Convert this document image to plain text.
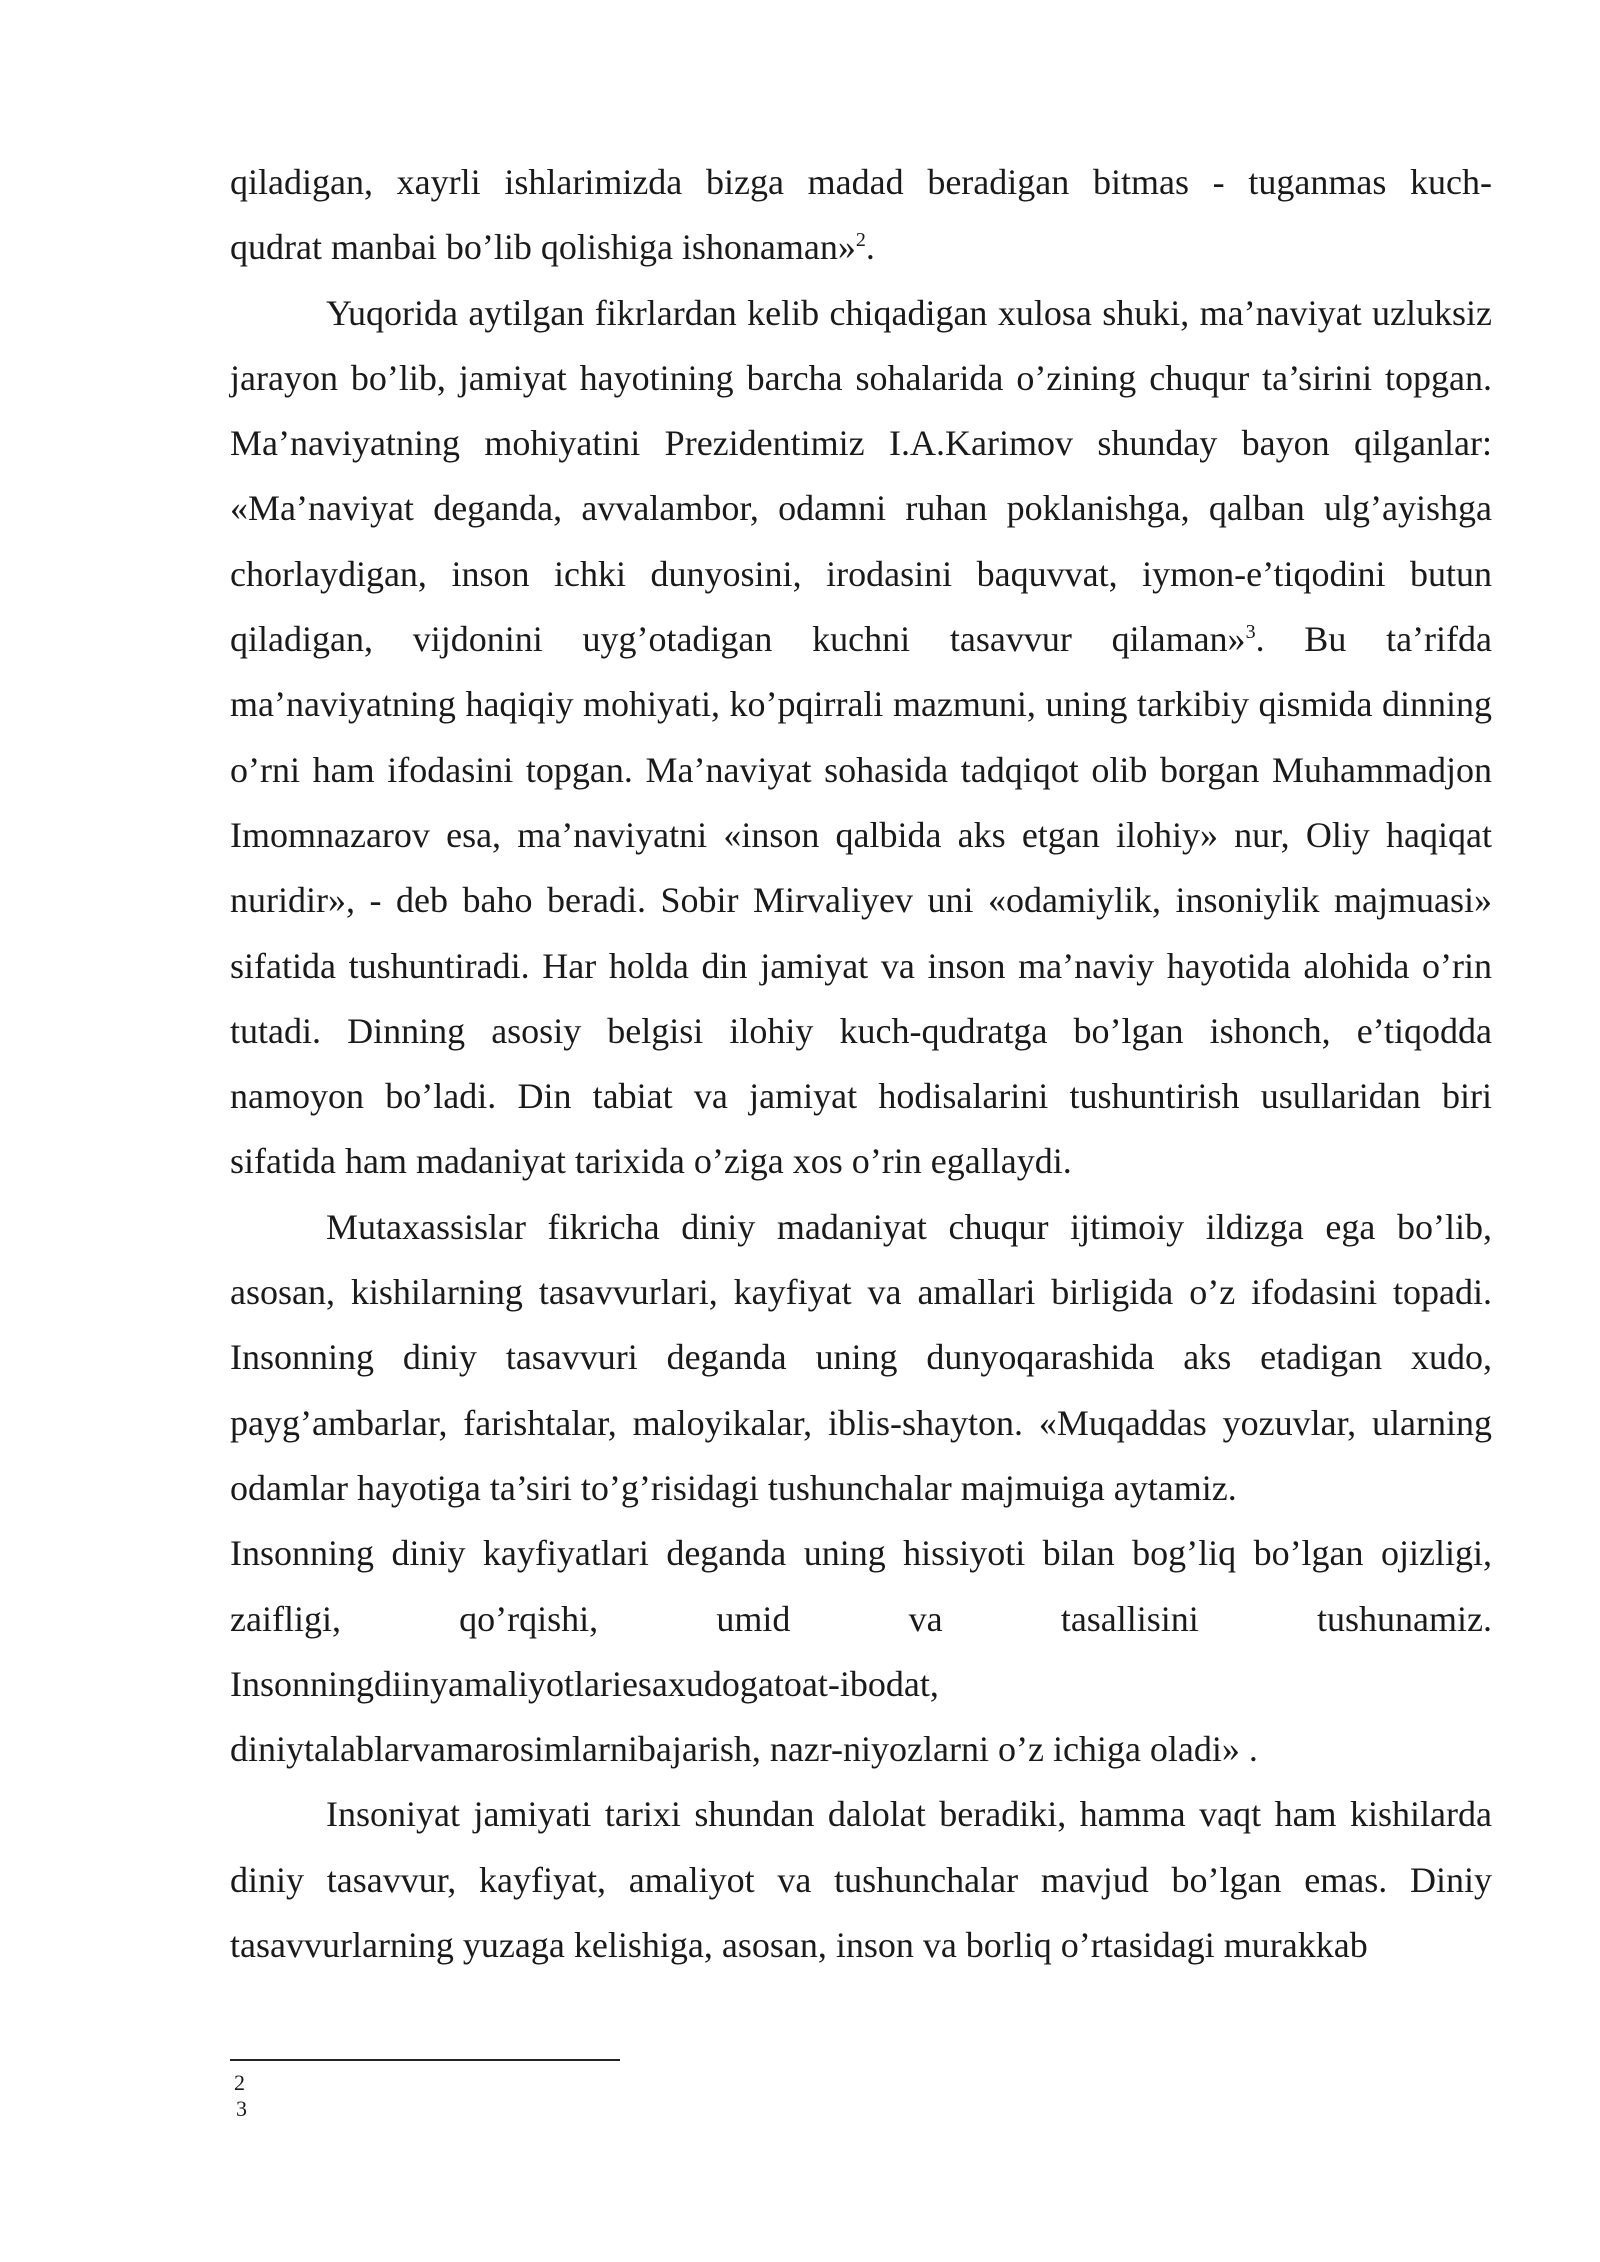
qiladigan, xayrli ishlarimizda bizga madad beradigan bitmas - tuganmas kuch-
qudrat manbai bo’lib qolishiga ishonaman»$^2$.

Yuqorida aytilgan fikrlardan kelib chiqadigan xulosa shuki, ma’naviyat uzluksiz jarayon bo’lib, jamiyat hayotining barcha sohalarida o’zining chuqur ta’sirini topgan. Ma’naviyatning mohiyatini Prezidentimiz I.A.Karimov shunday bayon qilganlar: «Ma’naviyat deganda, avvalambor, odamni ruhan poklanishga, qalban ulg’ayishga chorlaydigan, inson ichki dunyosini, irodasini baquvvat, iymon-e’tiqodini butun qiladigan, vijdonini uyg’otadigan kuchni tasavvur qilaman»$^3$. Bu ta’rifda ma’naviyatning haqiqiy mohiyati, ko’pqirrali mazmuni, uning tarkibiy qismida dinning o’rni ham ifodasini topgan. Ma’naviyat sohasida tadqiqot olib borgan Muhammadjon Imomnazarov esa, ma’naviyatni «inson qalbida aks etgan ilohiy» nur, Oliy haqiqat nuridir», - deb baho beradi. Sobir Mirvaliyev uni «odamiylik, insoniylik majmuasi» sifatida tushuntiradi. Har holda din jamiyat va inson ma’naviy hayotida alohida o’rin tutadi. Dinning asosiy belgisi ilohiy kuch-qudratga bo’lgan ishonch, e’tiqodda namoyon bo’ladi. Din tabiat va jamiyat hodisalarini tushuntirish usullaridan biri sifatida ham madaniyat tarixida o’ziga xos o’rin egallaydi.

Mutaxassislar fikricha diniy madaniyat chuqur ijtimoiy ildizga ega bo’lib, asosan, kishilarning tasavvurlari, kayfiyat va amallari birligida o’z ifodasini topadi. Insonning diniy tasavvuri deganda uning dunyoqarashida aks etadigan xudo, payg’ambarlar, farishtalar, maloyikalar, iblis-shayton. «Muqaddas yozuvlar, ularning odamlar hayotiga ta’siri to’g’risidagi tushunchalar majmuiga aytamiz.

Insonning diniy kayfiyatlari deganda uning hissiyoti bilan bog’liq bo’lgan ojizligi,
zaifligi, qo’rqishi, umid va tasallisini tushunamiz.
Insonningdiinyamaliyotlariesaxudogatoat-ibodat,
diniytalablarvamarosimlarnibajarish, nazr-niyozlarni o’z ichiga oladi» .

Insoniyat jamiyati tarixi shundan dalolat beradiki, hamma vaqt ham kishilarda diniy tasavvur, kayfiyat, amaliyot va tushunchalar mavjud bo’lgan emas. Diniy tasavvurlarning yuzaga kelishiga, asosan, inson va borliq o’rtasidagi murakkab

2
3
